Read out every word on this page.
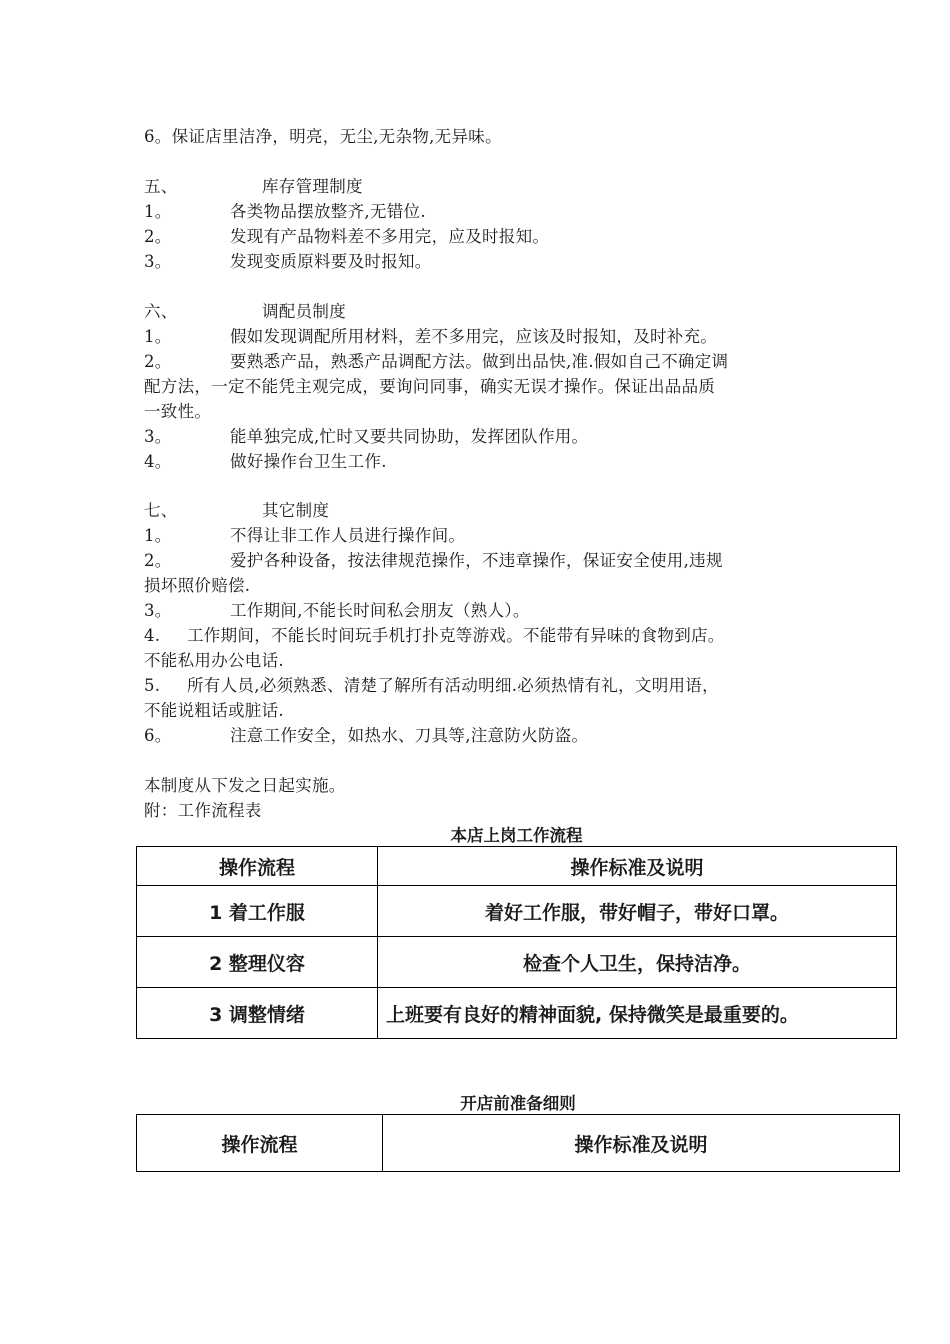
6。保证店里洁净，明亮，无尘,无杂物,无异味。
五、	库存管理制度
1。	各类物品摆放整齐,无错位.
2。	发现有产品物料差不多用完，应及时报知。
3。	发现变质原料要及时报知。
六、	调配员制度
1。	假如发现调配所用材料，差不多用完，应该及时报知，及时补充。
2。	要熟悉产品，熟悉产品调配方法。做到出品快,准.假如自己不确定调
配方法，一定不能凭主观完成，要询问同事，确实无误才操作。保证出品品质
一致性。
3。	能单独完成,忙时又要共同协助，发挥团队作用。
4。	做好操作台卫生工作.
七、	其它制度
1。	不得让非工作人员进行操作间。
2。	爱护各种设备，按法律规范操作，不违章操作，保证安全使用,违规
损坏照价赔偿.
3。	工作期间,不能长时间私会朋友（熟人）。
4. 工作期间，不能长时间玩手机打扑克等游戏。不能带有异味的食物到店。
不能私用办公电话.
5. 所有人员,必须熟悉、清楚了解所有活动明细.必须热情有礼，文明用语，
不能说粗话或脏话.
6。	注意工作安全，如热水、刀具等,注意防火防盗。
本制度从下发之日起实施。
附：工作流程表
本店上岗工作流程
操作流程	操作标准及说明
1 着工作服	着好工作服，带好帽子，带好口罩。
2 整理仪容	检查个人卫生，保持洁净。
3 调整情绪	上班要有良好的精神面貌, 保持微笑是最重要的。
开店前准备细则
操作流程	操作标准及说明
